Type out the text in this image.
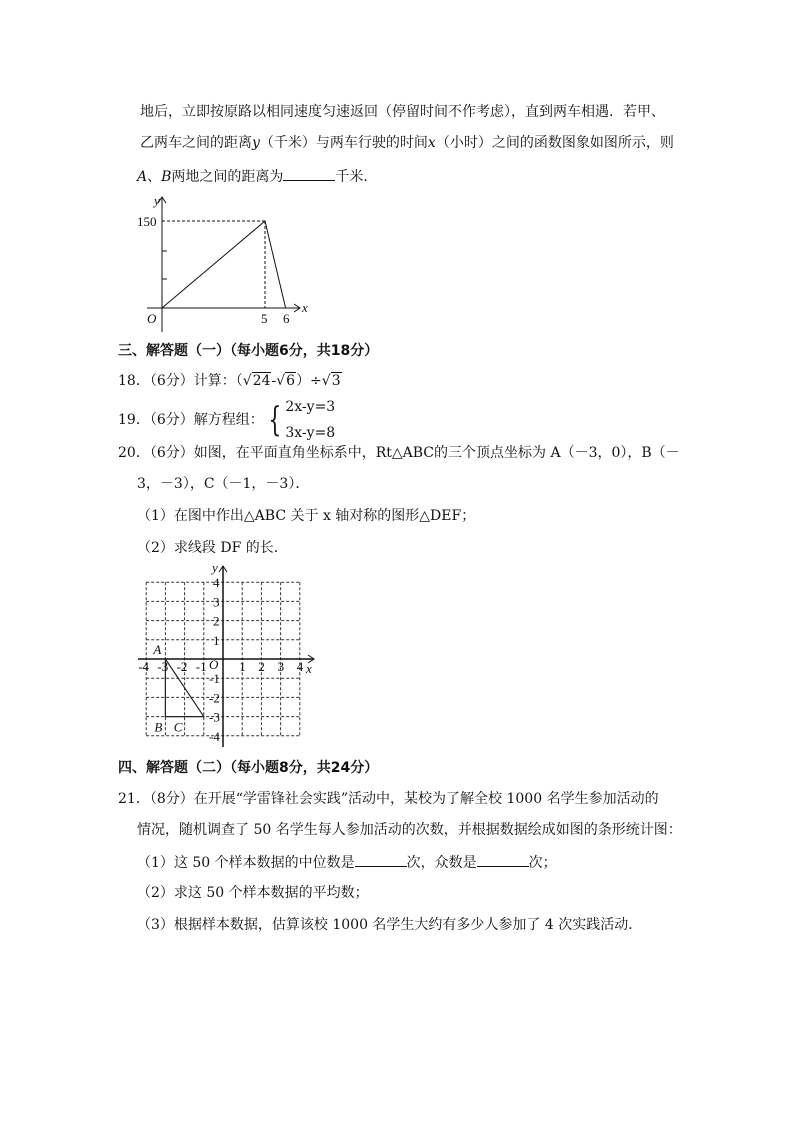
地后，立即按原路以相同速度匀速返回（停留时间不作考虑），直到两车相遇．若甲、
乙两车之间的距离y（千米）与两车行驶的时间x（小时）之间的函数图象如图所示，则
A、B两地之间的距离为	千米．
y
x
150
O	5 6
-4 -3 -2 -1	1 2 3 4
4
3
2
1
-1
-2
-3
-4
x
y
O
A
B C
三、解答题（一）（每小题6分，共18分）
18．（6分）计算：（√24-√6）÷√3
19．（6分）解方程组： { 2x-y=3
3x-y=8
20．（6分）如图，在平面直角坐标系中，Rt△ABC的三个顶点坐标为 A（－3，0），B（－
3，－3），C（－1，－3）．
（1）在图中作出△ABC 关于 x 轴对称的图形△DEF；
（2）求线段 DF 的长．
四、解答题（二）（每小题8分，共24分）
21．（8分）在开展“学雷锋社会实践”活动中，某校为了解全校 1000 名学生参加活动的
情况，随机调查了 50 名学生每人参加活动的次数，并根据数据绘成如图的条形统计图：
（1）这 50 个样本数据的中位数是	次，众数是	次；
（2）求这 50 个样本数据的平均数；
（3）根据样本数据，估算该校 1000 名学生大约有多少人参加了 4 次实践活动．
